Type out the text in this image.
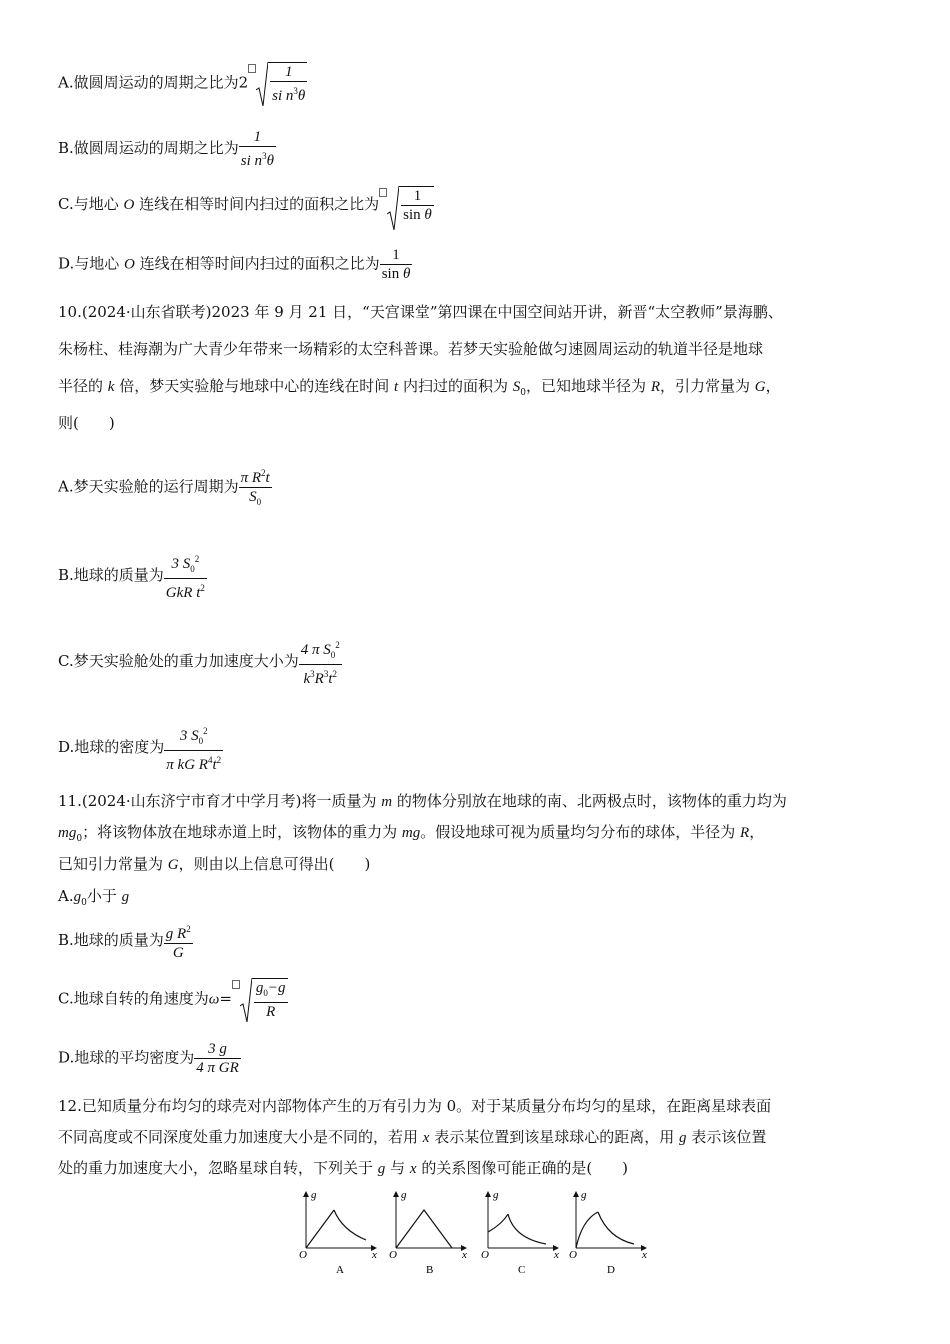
A.做圆周运动的周期之比为$2 \frac{1}{si n^3\theta}$
B.做圆周运动的周期之比为 $\frac{1}{si n^3\theta}$
C.与地心 O 连线在相等时间内扫过的面积之比为 $\frac{1}{\text{sin θ}}$
D.与地心 O 连线在相等时间内扫过的面积之比为 $\frac{1}{\text{sin θ}}$
10.(2024·山东省联考)2023 年 9 月 21 日，“天宫课堂”第四课在中国空间站开讲，新晋“太空教师”景海鹏、
朱杨柱、桂海潮为广大青少年带来一场精彩的太空科普课。若梦天实验舱做匀速圆周运动的轨道半径是地球
半径的 k 倍，梦天实验舱与地球中心的连线在时间 t 内扫过的面积为 $S_0$，已知地球半径为 R，引力常量为 G，
则(　　)
A.梦天实验舱的运行周期为 $\frac{\pi R^2t}{S_0}$
B.地球的质量为 $\frac{3 S_0^2}{GkR t^2}$
C.梦天实验舱处的重力加速度大小为 $\frac{4 \pi S_0^2}{k^3R^3t^2}$
D.地球的密度为 $\frac{3 S_0^2}{\pi kG R^4t^2}$
11.(2024·山东济宁市育才中学月考)将一质量为 m 的物体分别放在地球的南、北两极点时，该物体的重力均为
$mg_0$；将该物体放在地球赤道上时，该物体的重力为 mg。假设地球可视为质量均匀分布的球体，半径为 R，
已知引力常量为 G，则由以上信息可得出(　　)
$A.g_0$小于 g
B.地球的质量为 $\frac{g R^2}{G}$
C.地球自转的角速度为$\omega= \frac{g_0-g}{R}$
D.地球的平均密度为 $\frac{3 g}{\text{4 π GR}}$
12.已知质量分布均匀的球壳对内部物体产生的万有引力为 0。对于某质量分布均匀的星球，在距离星球表面
不同高度或不同深度处重力加速度大小是不同的，若用 x 表示某位置到该星球球心的距离，用 g 表示该位置
处的重力加速度大小，忽略星球自转，下列关于 g 与 x 的关系图像可能正确的是(　　)
g
O	x
A
g
O	x
B
g
O	x
C
g
O	x
D
